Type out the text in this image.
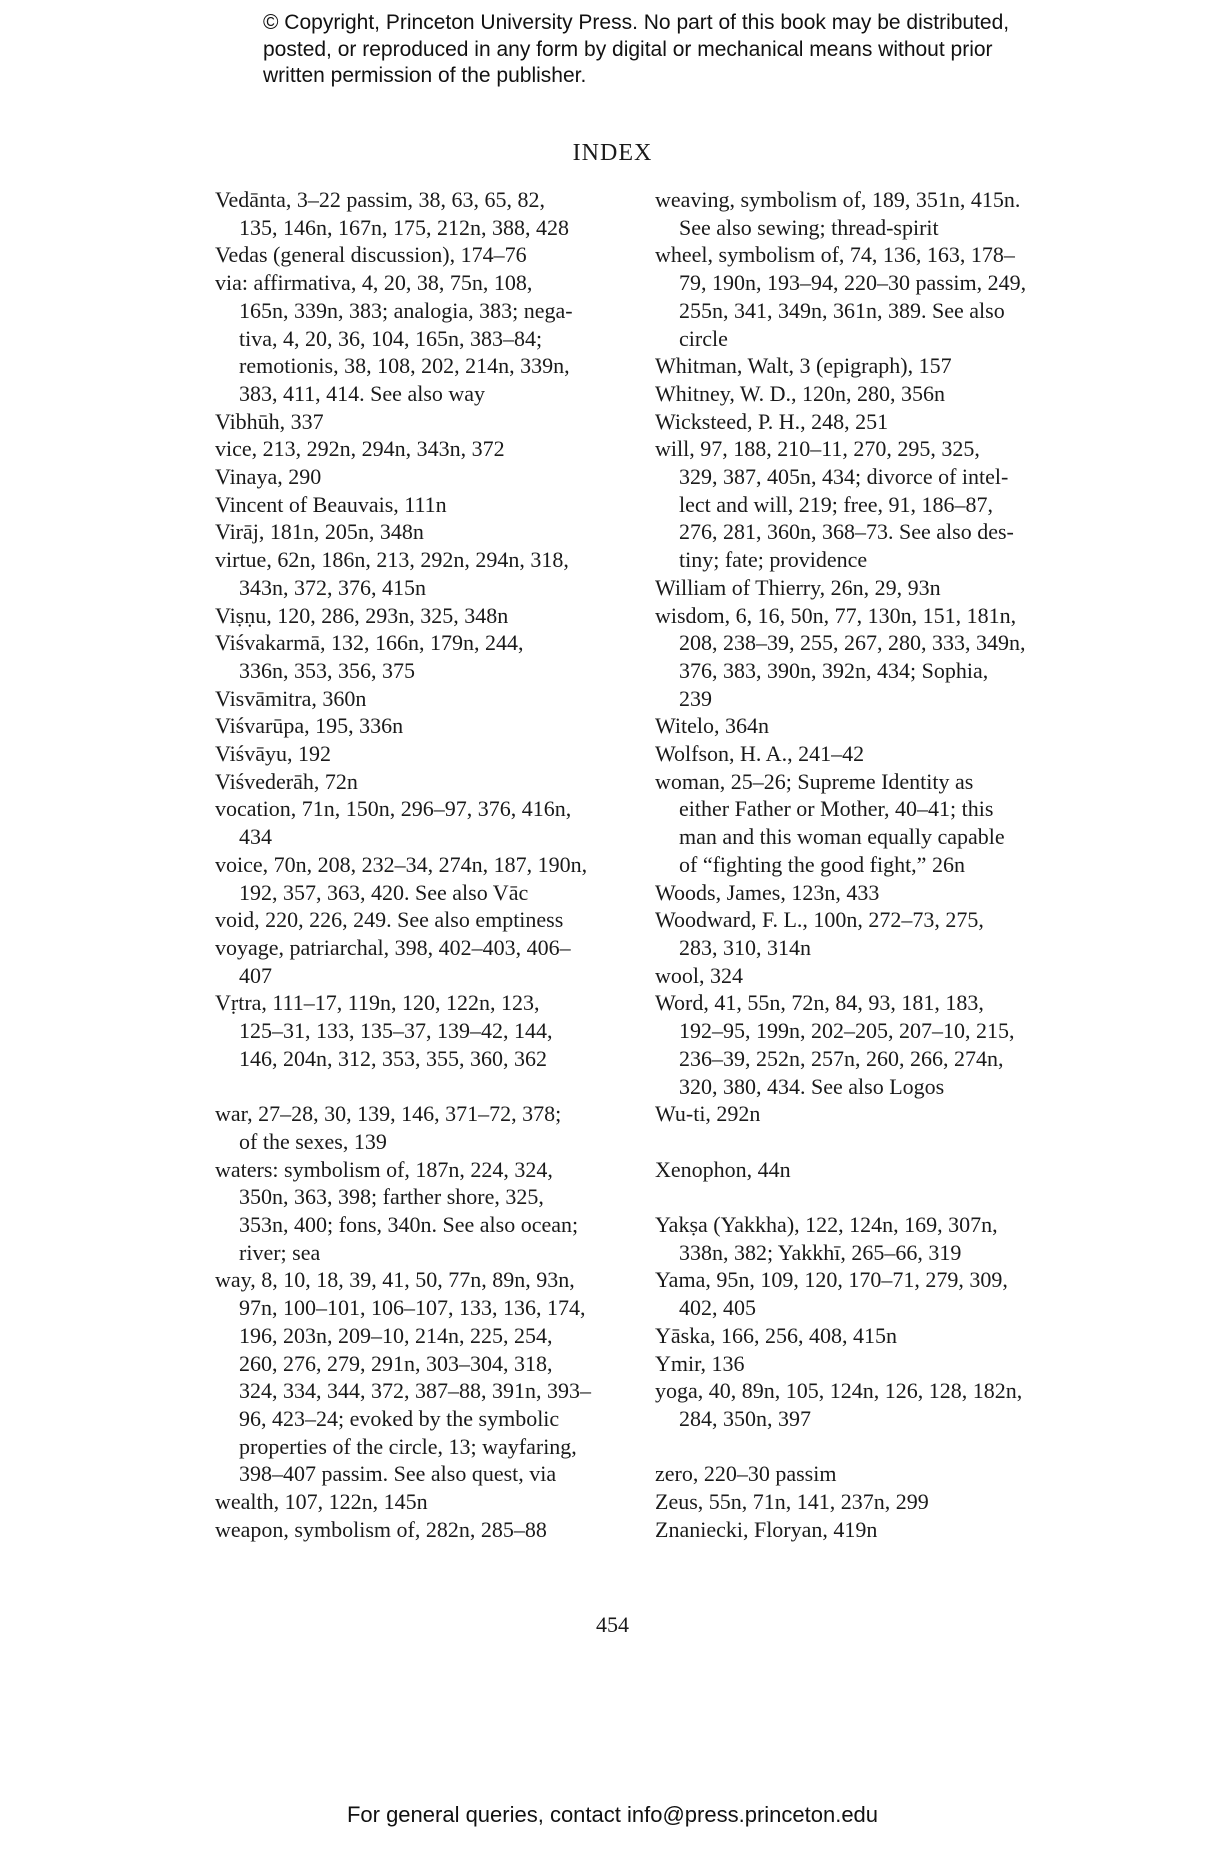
© Copyright, Princeton University Press. No part of this book may be distributed, posted, or reproduced in any form by digital or mechanical means without prior written permission of the publisher.
INDEX
Vedānta, 3–22 passim, 38, 63, 65, 82,
135, 146n, 167n, 175, 212n, 388, 428
Vedas (general discussion), 174–76
via: affirmativa, 4, 20, 38, 75n, 108,
165n, 339n, 383; analogia, 383; nega-
tiva, 4, 20, 36, 104, 165n, 383–84;
remotionis, 38, 108, 202, 214n, 339n,
383, 411, 414. See also way
Vibhūh, 337
vice, 213, 292n, 294n, 343n, 372
Vinaya, 290
Vincent of Beauvais, 111n
Virāj, 181n, 205n, 348n
virtue, 62n, 186n, 213, 292n, 294n, 318,
343n, 372, 376, 415n
Viṣṇu, 120, 286, 293n, 325, 348n
Viśvakarmā, 132, 166n, 179n, 244,
336n, 353, 356, 375
Visvāmitra, 360n
Viśvarūpa, 195, 336n
Viśvāyu, 192
Viśvederāh, 72n
vocation, 71n, 150n, 296–97, 376, 416n,
434
voice, 70n, 208, 232–34, 274n, 187, 190n,
192, 357, 363, 420. See also Vāc
void, 220, 226, 249. See also emptiness
voyage, patriarchal, 398, 402–403, 406–
407
Vṛtra, 111–17, 119n, 120, 122n, 123,
125–31, 133, 135–37, 139–42, 144,
146, 204n, 312, 353, 355, 360, 362
war, 27–28, 30, 139, 146, 371–72, 378;
of the sexes, 139
waters: symbolism of, 187n, 224, 324,
350n, 363, 398; farther shore, 325,
353n, 400; fons, 340n. See also ocean;
river; sea
way, 8, 10, 18, 39, 41, 50, 77n, 89n, 93n,
97n, 100–101, 106–107, 133, 136, 174,
196, 203n, 209–10, 214n, 225, 254,
260, 276, 279, 291n, 303–304, 318,
324, 334, 344, 372, 387–88, 391n, 393–
96, 423–24; evoked by the symbolic
properties of the circle, 13; wayfaring,
398–407 passim. See also quest, via
wealth, 107, 122n, 145n
weapon, symbolism of, 282n, 285–88
weaving, symbolism of, 189, 351n, 415n.
See also sewing; thread-spirit
wheel, symbolism of, 74, 136, 163, 178–
79, 190n, 193–94, 220–30 passim, 249,
255n, 341, 349n, 361n, 389. See also
circle
Whitman, Walt, 3 (epigraph), 157
Whitney, W. D., 120n, 280, 356n
Wicksteed, P. H., 248, 251
will, 97, 188, 210–11, 270, 295, 325,
329, 387, 405n, 434; divorce of intel-
lect and will, 219; free, 91, 186–87,
276, 281, 360n, 368–73. See also des-
tiny; fate; providence
William of Thierry, 26n, 29, 93n
wisdom, 6, 16, 50n, 77, 130n, 151, 181n,
208, 238–39, 255, 267, 280, 333, 349n,
376, 383, 390n, 392n, 434; Sophia,
239
Witelo, 364n
Wolfson, H. A., 241–42
woman, 25–26; Supreme Identity as
either Father or Mother, 40–41; this
man and this woman equally capable
of “fighting the good fight,” 26n
Woods, James, 123n, 433
Woodward, F. L., 100n, 272–73, 275,
283, 310, 314n
wool, 324
Word, 41, 55n, 72n, 84, 93, 181, 183,
192–95, 199n, 202–205, 207–10, 215,
236–39, 252n, 257n, 260, 266, 274n,
320, 380, 434. See also Logos
Wu-ti, 292n
Xenophon, 44n
Yakṣa (Yakkha), 122, 124n, 169, 307n,
338n, 382; Yakkhī, 265–66, 319
Yama, 95n, 109, 120, 170–71, 279, 309,
402, 405
Yāska, 166, 256, 408, 415n
Ymir, 136
yoga, 40, 89n, 105, 124n, 126, 128, 182n,
284, 350n, 397
zero, 220–30 passim
Zeus, 55n, 71n, 141, 237n, 299
Znaniecki, Floryan, 419n
454
For general queries, contact info@press.princeton.edu
